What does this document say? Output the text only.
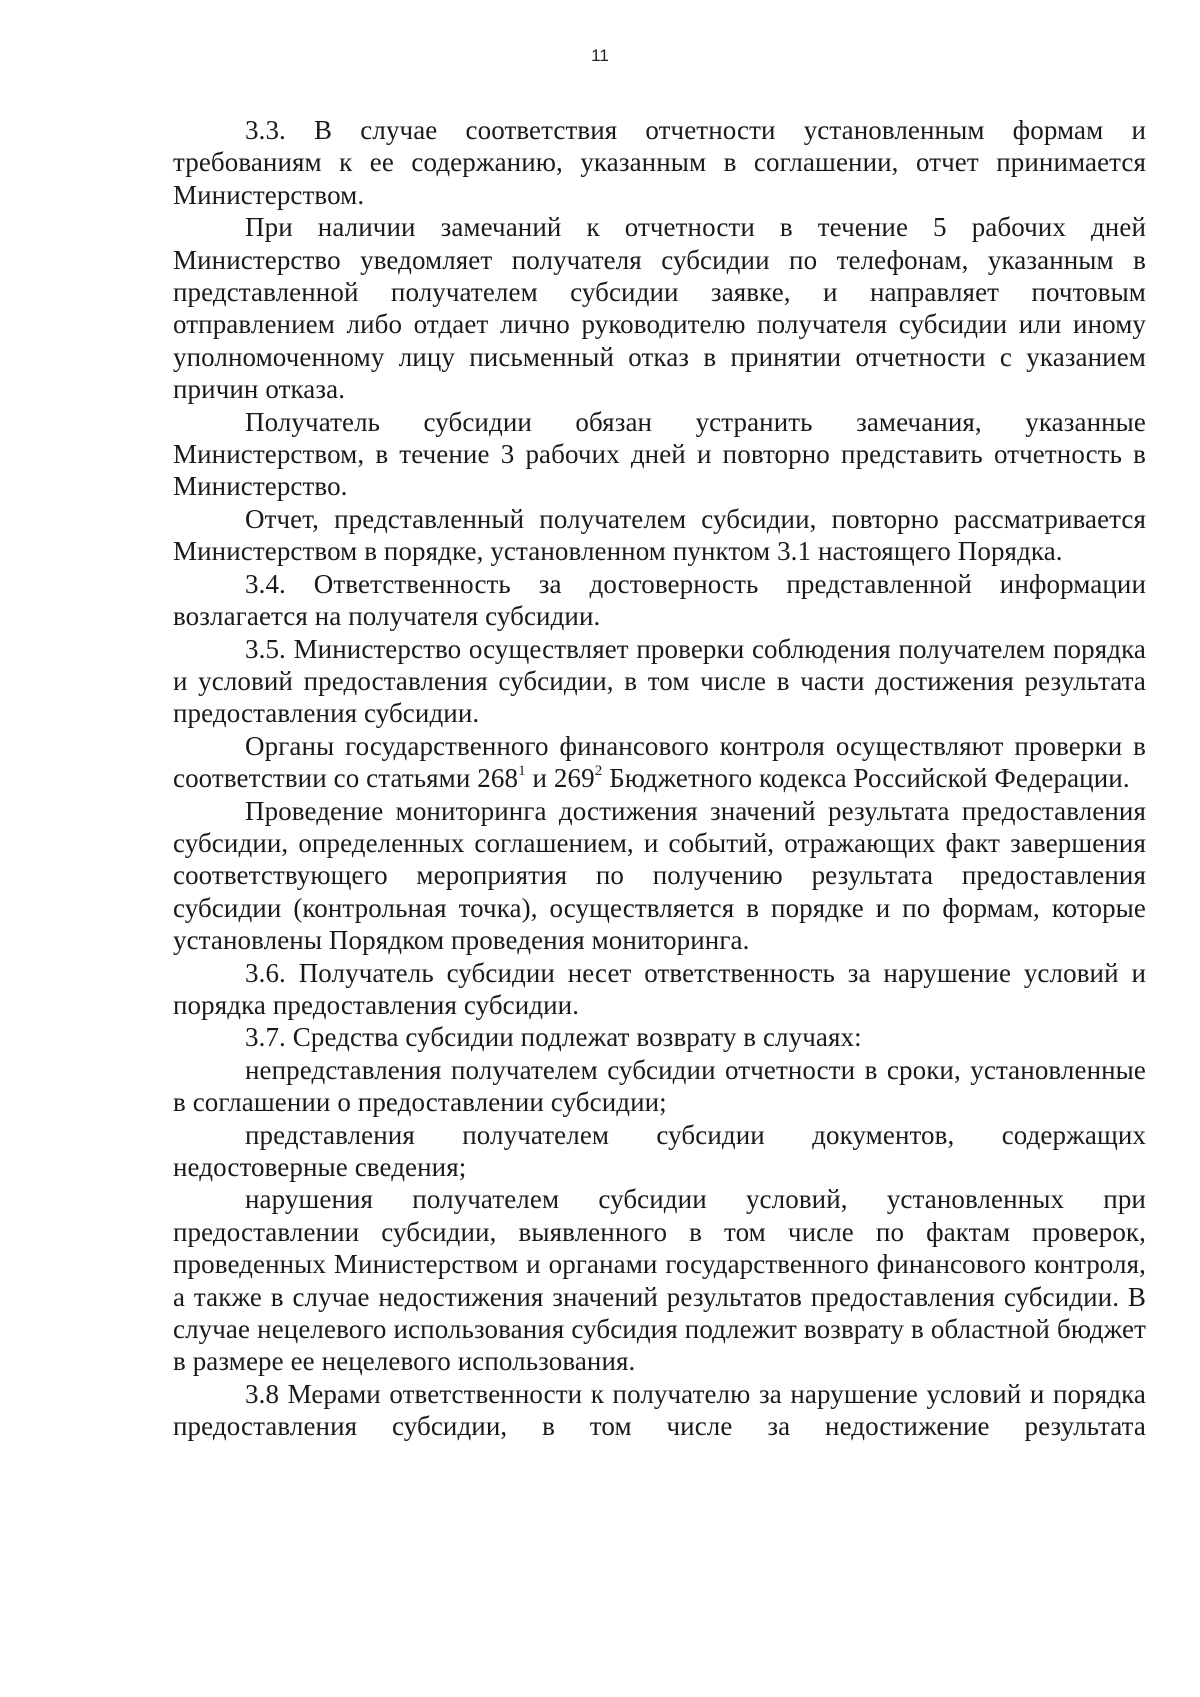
11

3.3. В случае соответствия отчетности установленным формам и требованиям к ее содержанию, указанным в соглашении, отчет принимается Министерством.

При наличии замечаний к отчетности в течение 5 рабочих дней Министерство уведомляет получателя субсидии по телефонам, указанным в представленной получателем субсидии заявке, и направляет почтовым отправлением либо отдает лично руководителю получателя субсидии или иному уполномоченному лицу письменный отказ в принятии отчетности с указанием причин отказа.

Получатель субсидии обязан устранить замечания, указанные Министерством, в течение 3 рабочих дней и повторно представить отчетность в Министерство.

Отчет, представленный получателем субсидии, повторно рассматривается Министерством в порядке, установленном пунктом 3.1 настоящего Порядка.

3.4. Ответственность за достоверность представленной информации возлагается на получателя субсидии.

3.5. Министерство осуществляет проверки соблюдения получателем порядка и условий предоставления субсидии, в том числе в части достижения результата предоставления субсидии.

Органы государственного финансового контроля осуществляют проверки в соответствии со статьями $268^1$ и $269^2$ Бюджетного кодекса Российской Федерации.

Проведение мониторинга достижения значений результата предоставления субсидии, определенных соглашением, и событий, отражающих факт завершения соответствующего мероприятия по получению результата предоставления субсидии (контрольная точка), осуществляется в порядке и по формам, которые установлены Порядком проведения мониторинга.

3.6. Получатель субсидии несет ответственность за нарушение условий и порядка предоставления субсидии.

3.7. Средства субсидии подлежат возврату в случаях:

непредставления получателем субсидии отчетности в сроки, установленные в соглашении о предоставлении субсидии;

представления получателем субсидии документов, содержащих недостоверные сведения;

нарушения получателем субсидии условий, установленных при предоставлении субсидии, выявленного в том числе по фактам проверок, проведенных Министерством и органами государственного финансового контроля, а также в случае недостижения значений результатов предоставления субсидии. В случае нецелевого использования субсидия подлежит возврату в областной бюджет в размере ее нецелевого использования.

3.8 Мерами ответственности к получателю за нарушение условий и порядка предоставления субсидии, в том числе за недостижение результата
